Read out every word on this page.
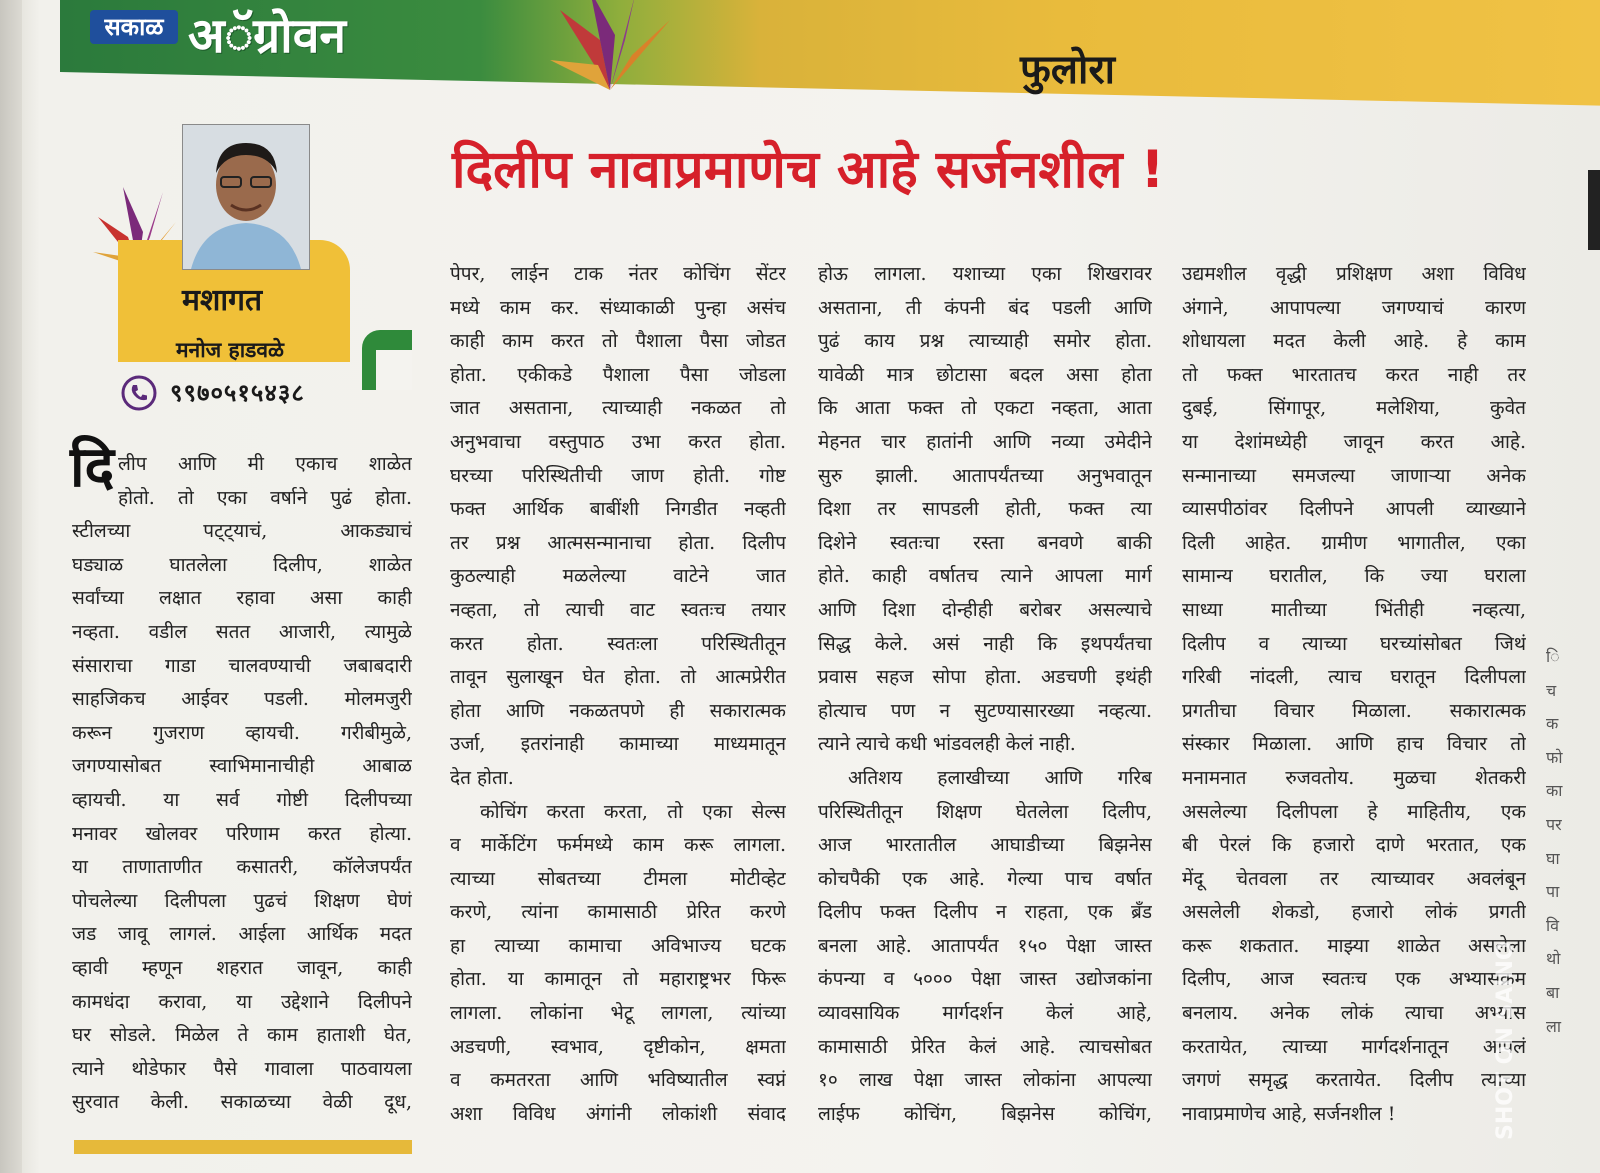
सकाळ अॅग्रोवन
फुलोरा
दिलीप नावाप्रमाणेच आहे सर्जनशील !
मशागत
मनोज हाडवळे
९९७०५१५४३८
दि लीप आणि मी एकाच शाळेत
होतो. तो एका वर्षाने पुढं होता.
स्टीलच्या पट्ट्याचं, आकड्याचं
घड्याळ घातलेला दिलीप, शाळेत
सर्वांच्या लक्षात रहावा असा काही
नव्हता. वडील सतत आजारी, त्यामुळे
संसाराचा गाडा चालवण्याची जबाबदारी
साहजिकच आईवर पडली. मोलमजुरी
करून गुजराण व्हायची. गरीबीमुळे,
जगण्यासोबत स्वाभिमानाचीही आबाळ
व्हायची. या सर्व गोष्टी दिलीपच्या
मनावर खोलवर परिणाम करत होत्या.
या ताणाताणीत कसातरी, कॉलेजपर्यंत
पोचलेल्या दिलीपला पुढचं शिक्षण घेणं
जड जावू लागलं. आईला आर्थिक मदत
व्हावी म्हणून शहरात जावून, काही
कामधंदा करावा, या उद्देशाने दिलीपने
घर सोडले. मिळेल ते काम हाताशी घेत,
त्याने थोडेफार पैसे गावाला पाठवायला
सुरवात केली. सकाळच्या वेळी दूध,
पेपर, लाईन टाक नंतर कोचिंग सेंटर
मध्ये काम कर. संध्याकाळी पुन्हा असंच
काही काम करत तो पैशाला पैसा जोडत
होता. एकीकडे पैशाला पैसा जोडला
जात असताना, त्याच्याही नकळत तो
अनुभवाचा वस्तुपाठ उभा करत होता.
घरच्या परिस्थितीची जाण होती. गोष्ट
फक्त आर्थिक बाबींशी निगडीत नव्हती
तर प्रश्न आत्मसन्मानाचा होता. दिलीप
कुठल्याही मळलेल्या वाटेने जात
नव्हता, तो त्याची वाट स्वतःच तयार
करत होता. स्वतःला परिस्थितीतून
तावून सुलाखून घेत होता. तो आत्मप्रेरीत
होता आणि नकळतपणे ही सकारात्मक
उर्जा, इतरांनाही कामाच्या माध्यमातून
देत होता.
कोचिंग करता करता, तो एका सेल्स
व मार्केटिंग फर्ममध्ये काम करू लागला.
त्याच्या सोबतच्या टीमला मोटीव्हेट
करणे, त्यांना कामासाठी प्रेरित करणे
हा त्याच्या कामाचा अविभाज्य घटक
होता. या कामातून तो महाराष्ट्रभर फिरू
लागला. लोकांना भेटू लागला, त्यांच्या
अडचणी, स्वभाव, दृष्टीकोन, क्षमता
व कमतरता आणि भविष्यातील स्वप्नं
अशा विविध अंगांनी लोकांशी संवाद
होऊ लागला. यशाच्या एका शिखरावर
असताना, ती कंपनी बंद पडली आणि
पुढं काय प्रश्न त्याच्याही समोर होता.
यावेळी मात्र छोटासा बदल असा होता
कि आता फक्त तो एकटा नव्हता, आता
मेहनत चार हातांनी आणि नव्या उमेदीने
सुरु झाली. आतापर्यंतच्या अनुभवातून
दिशा तर सापडली होती, फक्त त्या
दिशेने स्वतःचा रस्ता बनवणे बाकी
होते. काही वर्षातच त्याने आपला मार्ग
आणि दिशा दोन्हीही बरोबर असल्याचे
सिद्ध केले. असं नाही कि इथपर्यंतचा
प्रवास सहज सोपा होता. अडचणी इथंही
होत्याच पण न सुटण्यासारख्या नव्हत्या.
त्याने त्याचे कधी भांडवलही केलं नाही.
अतिशय हलाखीच्या आणि गरिब
परिस्थितीतून शिक्षण घेतलेला दिलीप,
आज भारतातील आघाडीच्या बिझनेस
कोचपैकी एक आहे. गेल्या पाच वर्षात
दिलीप फक्त दिलीप न राहता, एक ब्रँड
बनला आहे. आतापर्यंत १५० पेक्षा जास्त
कंपन्या व ५००० पेक्षा जास्त उद्योजकांना
व्यावसायिक मार्गदर्शन केलं आहे,
कामासाठी प्रेरित केलं आहे. त्याचसोबत
१० लाख पेक्षा जास्त लोकांना आपल्या
लाईफ कोचिंग, बिझनेस कोचिंग,
उद्यमशील वृद्धी प्रशिक्षण अशा विविध
अंगाने, आपापल्या जगण्याचं कारण
शोधायला मदत केली आहे. हे काम
तो फक्त भारतातच करत नाही तर
दुबई, सिंगापूर, मलेशिया, कुवेत
या देशांमध्येही जावून करत आहे.
सन्मानाच्या समजल्या जाणाऱ्या अनेक
व्यासपीठांवर दिलीपने आपली व्याख्याने
दिली आहेत. ग्रामीण भागातील, एका
सामान्य घरातील, कि ज्या घराला
साध्या मातीच्या भिंतीही नव्हत्या,
दिलीप व त्याच्या घरच्यांसोबत जिथं
गरिबी नांदली, त्याच घरातून दिलीपला
प्रगतीचा विचार मिळाला. सकारात्मक
संस्कार मिळाला. आणि हाच विचार तो
मनामनात रुजवतोय. मुळचा शेतकरी
असलेल्या दिलीपला हे माहितीय, एक
बी पेरलं कि हजारो दाणे भरतात, एक
मेंदू चेतवला तर त्याच्यावर अवलंबून
असलेली शेकडो, हजारो लोकं प्रगती
करू शकतात. माझ्या शाळेत असलेला
दिलीप, आज स्वतःच एक अभ्यासक्रम
बनलाय. अनेक लोकं त्याचा अभ्यास
करतायेत, त्याच्या मार्गदर्शनातून आपलं
जगणं समृद्ध करतायेत. दिलीप त्याच्या
नावाप्रमाणेच आहे, सर्जनशील !
ि
च
क
फो
का
पर
घा
पा
वि
थो
बा
ला
SHOT ON SAINO
